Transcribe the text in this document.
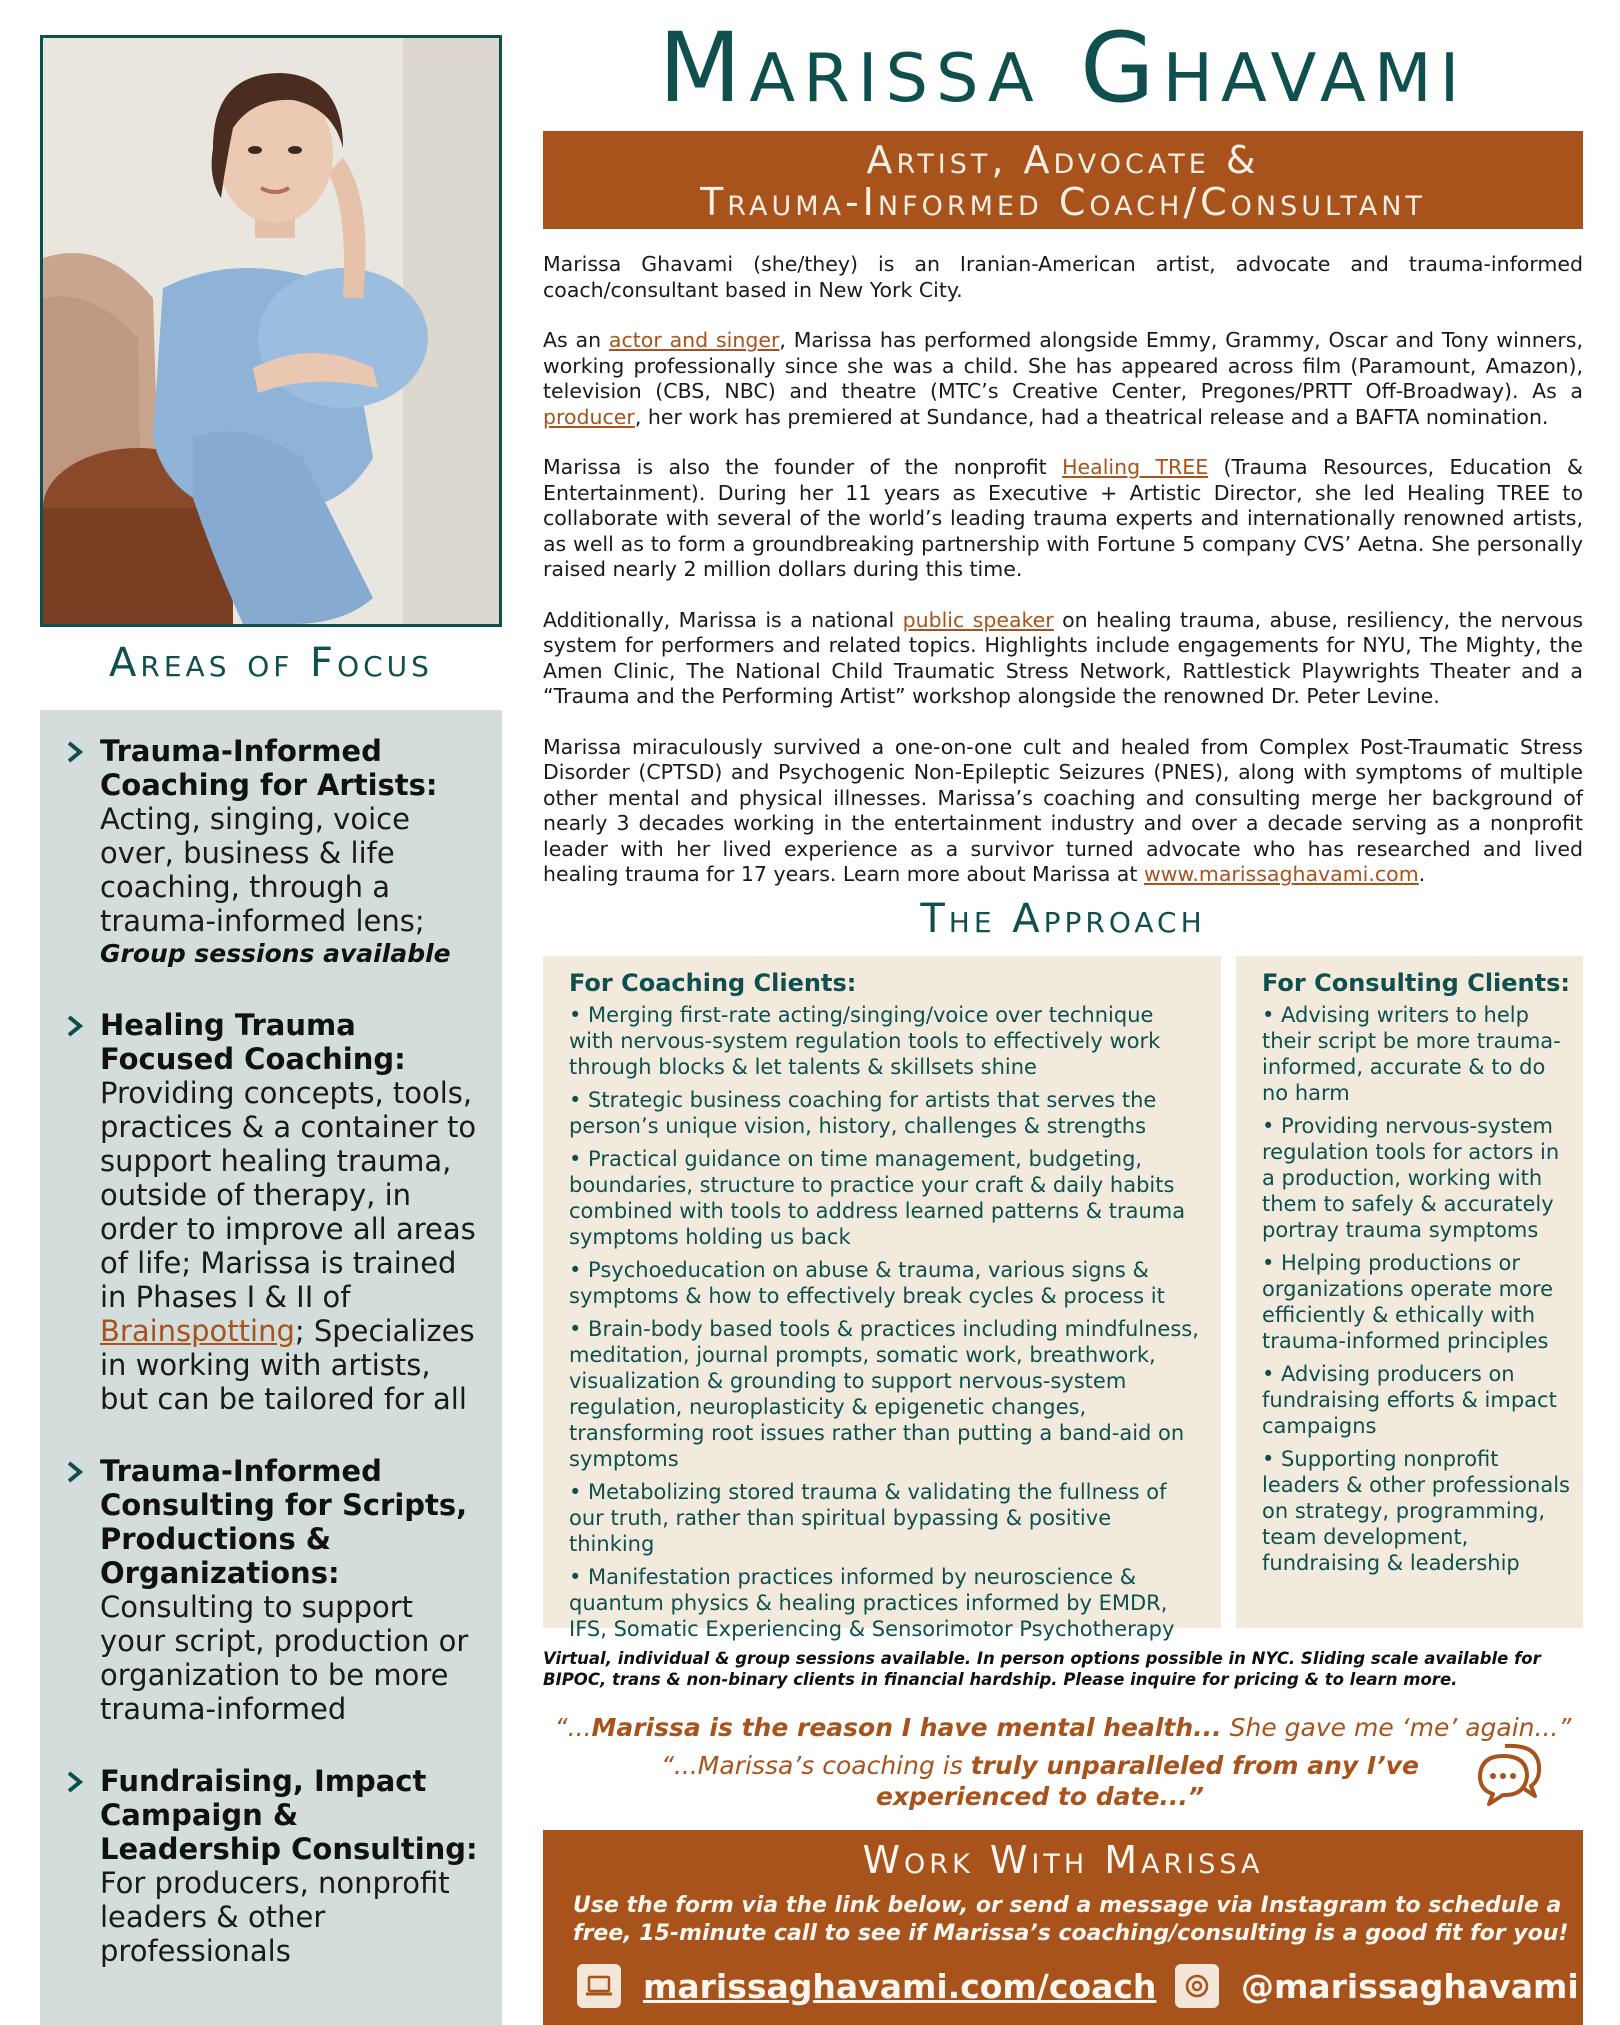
Areas of Focus
Trauma-Informed Coaching for Artists:
Acting, singing, voice over, business & life coaching, through a trauma-informed lens;
Group sessions available
Healing Trauma Focused Coaching:
Providing concepts, tools, practices & a container to support healing trauma, outside of therapy, in order to improve all areas of life; Marissa is trained in Phases I & II of Brainspotting; Specializes in working with artists, but can be tailored for all
Trauma-Informed Consulting for Scripts, Productions & Organizations:
Consulting to support your script, production or organization to be more trauma-informed
Fundraising, Impact Campaign & Leadership Consulting:
For producers, nonprofit leaders & other professionals
Marissa Ghavami
Artist, Advocate &
Trauma-Informed Coach/Consultant

Marissa Ghavami (she/they) is an Iranian-American artist, advocate and trauma-informed coach/consultant based in New York City.

As an actor and singer, Marissa has performed alongside Emmy, Grammy, Oscar and Tony winners, working professionally since she was a child. She has appeared across film (Paramount, Amazon), television (CBS, NBC) and theatre (MTC’s Creative Center, Pregones/PRTT Off-Broadway). As a producer, her work has premiered at Sundance, had a theatrical release and a BAFTA nomination.

Marissa is also the founder of the nonprofit Healing TREE (Trauma Resources, Education & Entertainment). During her 11 years as Executive + Artistic Director, she led Healing TREE to collaborate with several of the world’s leading trauma experts and internationally renowned artists, as well as to form a groundbreaking partnership with Fortune 5 company CVS’ Aetna. She personally raised nearly 2 million dollars during this time.

Additionally, Marissa is a national public speaker on healing trauma, abuse, resiliency, the nervous system for performers and related topics. Highlights include engagements for NYU, The Mighty, the Amen Clinic, The National Child Traumatic Stress Network, Rattlestick Playwrights Theater and a “Trauma and the Performing Artist” workshop alongside the renowned Dr. Peter Levine.

Marissa miraculously survived a one-on-one cult and healed from Complex Post-Traumatic Stress Disorder (CPTSD) and Psychogenic Non-Epileptic Seizures (PNES), along with symptoms of multiple other mental and physical illnesses. Marissa’s coaching and consulting merge her background of nearly 3 decades working in the entertainment industry and over a decade serving as a nonprofit leader with her lived experience as a survivor turned advocate who has researched and lived healing trauma for 17 years. Learn more about Marissa at www.marissaghavami.com.

The Approach
For Coaching Clients:
• Merging first-rate acting/singing/voice over technique with nervous-system regulation tools to effectively work through blocks & let talents & skillsets shine
• Strategic business coaching for artists that serves the person’s unique vision, history, challenges & strengths
• Practical guidance on time management, budgeting, boundaries, structure to practice your craft & daily habits combined with tools to address learned patterns & trauma symptoms holding us back
• Psychoeducation on abuse & trauma, various signs & symptoms & how to effectively break cycles & process it
• Brain-body based tools & practices including mindfulness, meditation, journal prompts, somatic work, breathwork, visualization & grounding to support nervous-system regulation, neuroplasticity & epigenetic changes, transforming root issues rather than putting a band-aid on symptoms
• Metabolizing stored trauma & validating the fullness of our truth, rather than spiritual bypassing & positive thinking
• Manifestation practices informed by neuroscience & quantum physics & healing practices informed by EMDR, IFS, Somatic Experiencing & Sensorimotor Psychotherapy
For Consulting Clients:
• Advising writers to help their script be more trauma-informed, accurate & to do no harm
• Providing nervous-system regulation tools for actors in a production, working with them to safely & accurately portray trauma symptoms
• Helping productions or organizations operate more efficiently & ethically with trauma-informed principles
• Advising producers on fundraising efforts & impact campaigns
• Supporting nonprofit leaders & other professionals on strategy, programming, team development, fundraising & leadership
Virtual, individual & group sessions available. In person options possible in NYC. Sliding scale available for BIPOC, trans & non-binary clients in financial hardship. Please inquire for pricing & to learn more.
“...Marissa is the reason I have mental health... She gave me ‘me’ again...”
“...Marissa’s coaching is truly unparalleled from any I’ve experienced to date...”
Work With Marissa
Use the form via the link below, or send a message via Instagram to schedule a free, 15-minute call to see if Marissa’s coaching/consulting is a good fit for you!
marissaghavami.com/coach	@marissaghavami
